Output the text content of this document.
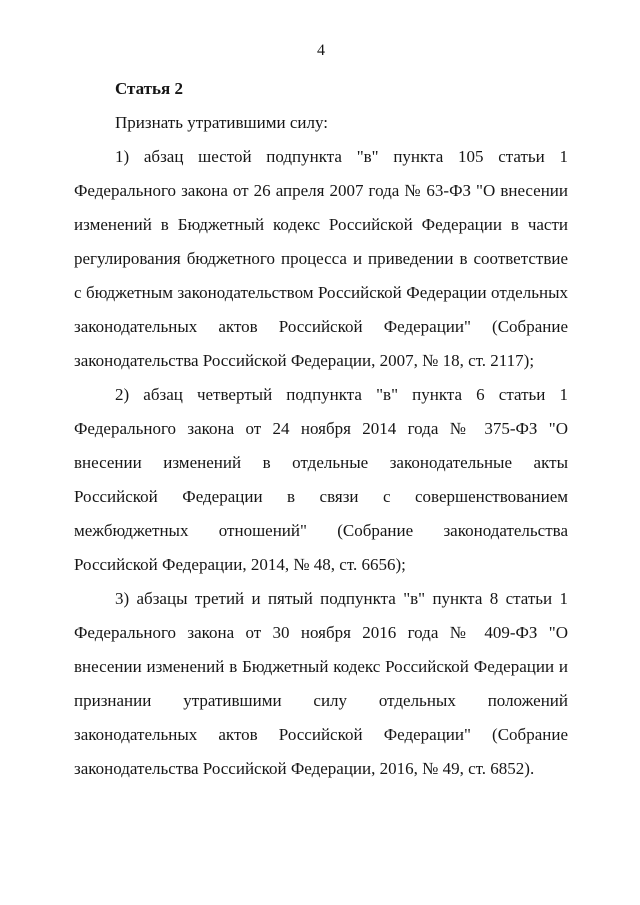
4

Статья 2

Признать утратившими силу:

1) абзац шестой подпункта "в" пункта 105 статьи 1 Федерального закона от 26 апреля 2007 года № 63-ФЗ "О внесении изменений в Бюджетный кодекс Российской Федерации в части регулирования бюджетного процесса и приведении в соответствие с бюджетным законодательством Российской Федерации отдельных законодательных актов Российской Федерации" (Собрание законодательства Российской Федерации, 2007, № 18, ст. 2117);

2) абзац четвертый подпункта "в" пункта 6 статьи 1 Федерального закона от 24 ноября 2014 года № 375-ФЗ "О внесении изменений в отдельные законодательные акты Российской Федерации в связи с совершенствованием межбюджетных отношений" (Собрание законодательства Российской Федерации, 2014, № 48, ст. 6656);

3) абзацы третий и пятый подпункта "в" пункта 8 статьи 1 Федерального закона от 30 ноября 2016 года № 409-ФЗ "О внесении изменений в Бюджетный кодекс Российской Федерации и признании утратившими силу отдельных положений законодательных актов Российской Федерации" (Собрание законодательства Российской Федерации, 2016, № 49, ст. 6852).
